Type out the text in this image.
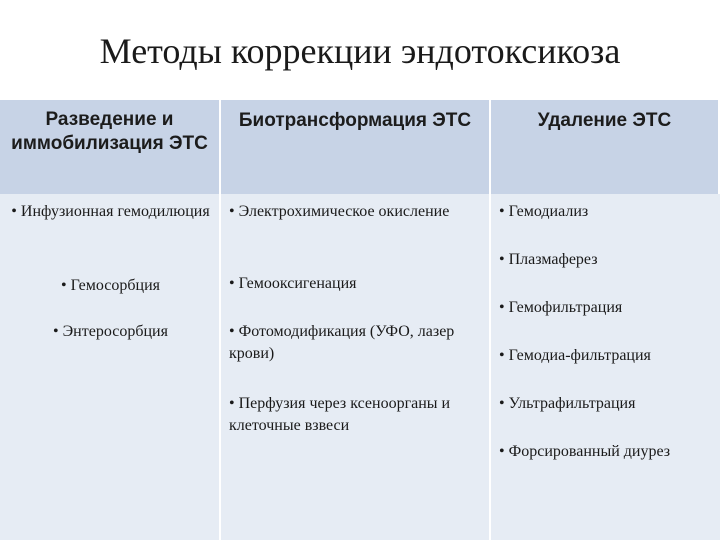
Методы коррекции эндотоксикоза
Разведение и иммобилизация ЭТС
Биотрансформация ЭТС	Удаление ЭТС
• Инфузионная гемодилюция
• Гемосорбция
• Энтеросорбция
• Электрохимическое окисление
• Гемооксигенация
• Фотомодификация (УФО, лазер крови)
• Перфузия через ксеноорганы и клеточные взвеси
• Гемодиализ
• Плазмаферез
• Гемофильтрация
• Гемодиа-фильтрация
• Ультрафильтрация
• Форсированный диурез
